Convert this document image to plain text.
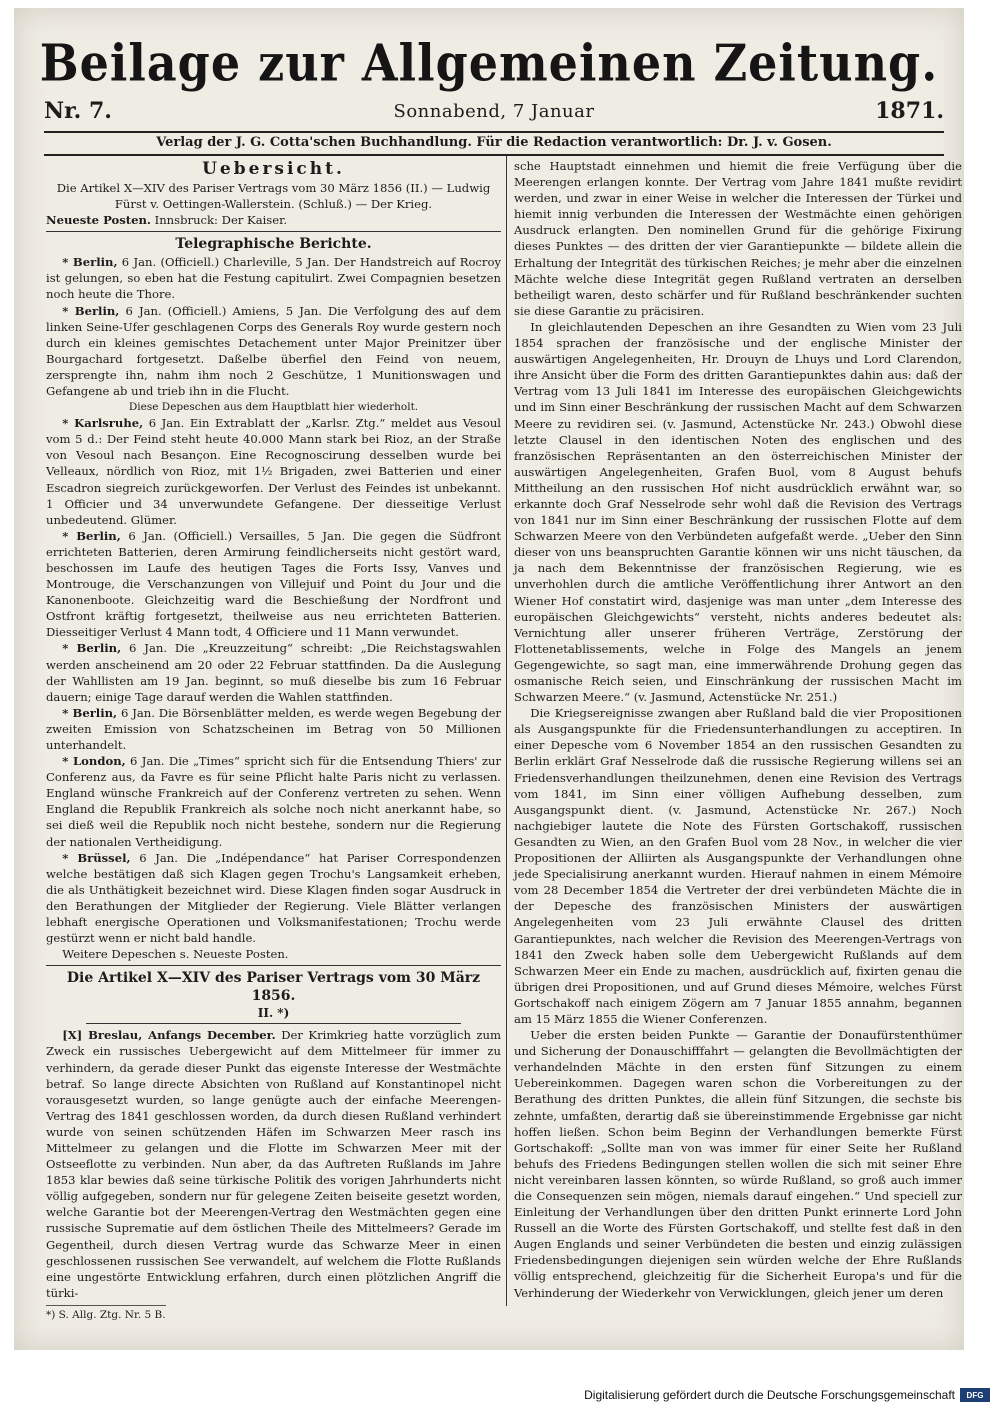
Beilage zur Allgemeinen Zeitung.
Nr. 7.	Sonnabend, 7 Januar	1871.
Verlag der J. G. Cotta'schen Buchhandlung. Für die Redaction verantwortlich: Dr. J. v. Gosen.
Uebersicht.

Die Artikel X—XIV des Pariser Vertrags vom 30 März 1856 (II.) — Ludwig Fürst v. Oettingen-Wallerstein. (Schluß.) — Der Krieg.

Neueste Posten. Innsbruck: Der Kaiser.

Telegraphische Berichte.

* Berlin, 6 Jan. (Officiell.) Charleville, 5 Jan. Der Handstreich auf Rocroy ist gelungen, so eben hat die Festung capitulirt. Zwei Compagnien besetzen noch heute die Thore.

* Berlin, 6 Jan. (Officiell.) Amiens, 5 Jan. Die Verfolgung des auf dem linken Seine-Ufer geschlagenen Corps des Generals Roy wurde gestern noch durch ein kleines gemischtes Detachement unter Major Preinitzer über Bourgachard fortgesetzt. Daßelbe überfiel den Feind von neuem, zersprengte ihn, nahm ihm noch 2 Geschütze, 1 Munitionswagen und Gefangene ab und trieb ihn in die Flucht.

Diese Depeschen aus dem Hauptblatt hier wiederholt.

* Karlsruhe, 6 Jan. Ein Extrablatt der „Karlsr. Ztg.“ meldet aus Vesoul vom 5 d.: Der Feind steht heute 40.000 Mann stark bei Rioz, an der Straße von Vesoul nach Besançon. Eine Recognoscirung desselben wurde bei Velleaux, nördlich von Rioz, mit 1½ Brigaden, zwei Batterien und einer Escadron siegreich zurückgeworfen. Der Verlust des Feindes ist unbekannt. 1 Officier und 34 unverwundete Gefangene. Der diesseitige Verlust unbedeutend. Glümer.

* Berlin, 6 Jan. (Officiell.) Versailles, 5 Jan. Die gegen die Südfront errichteten Batterien, deren Armirung feindlicherseits nicht gestört ward, beschossen im Laufe des heutigen Tages die Forts Issy, Vanves und Montrouge, die Verschanzungen von Villejuif und Point du Jour und die Kanonenboote. Gleichzeitig ward die Beschießung der Nordfront und Ostfront kräftig fortgesetzt, theilweise aus neu errichteten Batterien. Diesseitiger Verlust 4 Mann todt, 4 Officiere und 11 Mann verwundet.

* Berlin, 6 Jan. Die „Kreuzzeitung“ schreibt: „Die Reichstagswahlen werden anscheinend am 20 oder 22 Februar stattfinden. Da die Auslegung der Wahllisten am 19 Jan. beginnt, so muß dieselbe bis zum 16 Februar dauern; einige Tage darauf werden die Wahlen stattfinden.

* Berlin, 6 Jan. Die Börsenblätter melden, es werde wegen Begebung der zweiten Emission von Schatzscheinen im Betrag von 50 Millionen unterhandelt.

* London, 6 Jan. Die „Times“ spricht sich für die Entsendung Thiers' zur Conferenz aus, da Favre es für seine Pflicht halte Paris nicht zu verlassen. England wünsche Frankreich auf der Conferenz vertreten zu sehen. Wenn England die Republik Frankreich als solche noch nicht anerkannt habe, so sei dieß weil die Republik noch nicht bestehe, sondern nur die Regierung der nationalen Vertheidigung.

* Brüssel, 6 Jan. Die „Indépendance“ hat Pariser Correspondenzen welche bestätigen daß sich Klagen gegen Trochu's Langsamkeit erheben, die als Unthätigkeit bezeichnet wird. Diese Klagen finden sogar Ausdruck in den Berathungen der Mitglieder der Regierung. Viele Blätter verlangen lebhaft energische Operationen und Volksmanifestationen; Trochu werde gestürzt wenn er nicht bald handle.

Weitere Depeschen s. Neueste Posten.

Die Artikel X—XIV des Pariser Vertrags vom 30 März 1856.
II. *)

[X] Breslau, Anfangs December. Der Krimkrieg hatte vorzüglich zum Zweck ein russisches Uebergewicht auf dem Mittelmeer für immer zu verhindern, da gerade dieser Punkt das eigenste Interesse der Westmächte betraf. So lange directe Absichten von Rußland auf Konstantinopel nicht vorausgesetzt wurden, so lange genügte auch der einfache Meerengen-Vertrag des 1841 geschlossen worden, da durch diesen Rußland verhindert wurde von seinen schützenden Häfen im Schwarzen Meer rasch ins Mittelmeer zu gelangen und die Flotte im Schwarzen Meer mit der Ostseeflotte zu verbinden. Nun aber, da das Auftreten Rußlands im Jahre 1853 klar bewies daß seine türkische Politik des vorigen Jahrhunderts nicht völlig aufgegeben, sondern nur für gelegene Zeiten beiseite gesetzt worden, welche Garantie bot der Meerengen-Vertrag den Westmächten gegen eine russische Suprematie auf dem östlichen Theile des Mittelmeers? Gerade im Gegentheil, durch diesen Vertrag wurde das Schwarze Meer in einen geschlossenen russischen See verwandelt, auf welchem die Flotte Rußlands eine ungestörte Entwicklung erfahren, durch einen plötzlichen Angriff die türki-

*) S. Allg. Ztg. Nr. 5 B.

sche Hauptstadt einnehmen und hiemit die freie Verfügung über die Meerengen erlangen konnte. Der Vertrag vom Jahre 1841 mußte revidirt werden, und zwar in einer Weise in welcher die Interessen der Türkei und hiemit innig verbunden die Interessen der Westmächte einen gehörigen Ausdruck erlangten. Den nominellen Grund für die gehörige Fixirung dieses Punktes — des dritten der vier Garantiepunkte — bildete allein die Erhaltung der Integrität des türkischen Reiches; je mehr aber die einzelnen Mächte welche diese Integrität gegen Rußland vertraten an derselben betheiligt waren, desto schärfer und für Rußland beschränkender suchten sie diese Garantie zu präcisiren.

In gleichlautenden Depeschen an ihre Gesandten zu Wien vom 23 Juli 1854 sprachen der französische und der englische Minister der auswärtigen Angelegenheiten, Hr. Drouyn de Lhuys und Lord Clarendon, ihre Ansicht über die Form des dritten Garantiepunktes dahin aus: daß der Vertrag vom 13 Juli 1841 im Interesse des europäischen Gleichgewichts und im Sinn einer Beschränkung der russischen Macht auf dem Schwarzen Meere zu revidiren sei. (v. Jasmund, Actenstücke Nr. 243.) Obwohl diese letzte Clausel in den identischen Noten des englischen und des französischen Repräsentanten an den österreichischen Minister der auswärtigen Angelegenheiten, Grafen Buol, vom 8 August behufs Mittheilung an den russischen Hof nicht ausdrücklich erwähnt war, so erkannte doch Graf Nesselrode sehr wohl daß die Revision des Vertrags von 1841 nur im Sinn einer Beschränkung der russischen Flotte auf dem Schwarzen Meere von den Verbündeten aufgefaßt werde. „Ueber den Sinn dieser von uns beanspruchten Garantie können wir uns nicht täuschen, da ja nach dem Bekenntnisse der französischen Regierung, wie es unverhohlen durch die amtliche Veröffentlichung ihrer Antwort an den Wiener Hof constatirt wird, dasjenige was man unter „dem Interesse des europäischen Gleichgewichts“ versteht, nichts anderes bedeutet als: Vernichtung aller unserer früheren Verträge, Zerstörung der Flottenetablissements, welche in Folge des Mangels an jenem Gegengewichte, so sagt man, eine immerwährende Drohung gegen das osmanische Reich seien, und Einschränkung der russischen Macht im Schwarzen Meere.“ (v. Jasmund, Actenstücke Nr. 251.)

Die Kriegsereignisse zwangen aber Rußland bald die vier Propositionen als Ausgangspunkte für die Friedensunterhandlungen zu acceptiren. In einer Depesche vom 6 November 1854 an den russischen Gesandten zu Berlin erklärt Graf Nesselrode daß die russische Regierung willens sei an Friedensverhandlungen theilzunehmen, denen eine Revision des Vertrags vom 1841, im Sinn einer völligen Aufhebung desselben, zum Ausgangspunkt dient. (v. Jasmund, Actenstücke Nr. 267.) Noch nachgiebiger lautete die Note des Fürsten Gortschakoff, russischen Gesandten zu Wien, an den Grafen Buol vom 28 Nov., in welcher die vier Propositionen der Alliirten als Ausgangspunkte der Verhandlungen ohne jede Specialisirung anerkannt wurden. Hierauf nahmen in einem Mémoire vom 28 December 1854 die Vertreter der drei verbündeten Mächte die in der Depesche des französischen Ministers der auswärtigen Angelegenheiten vom 23 Juli erwähnte Clausel des dritten Garantiepunktes, nach welcher die Revision des Meerengen-Vertrags von 1841 den Zweck haben solle dem Uebergewicht Rußlands auf dem Schwarzen Meer ein Ende zu machen, ausdrücklich auf, fixirten genau die übrigen drei Propositionen, und auf Grund dieses Mémoire, welches Fürst Gortschakoff nach einigem Zögern am 7 Januar 1855 annahm, begannen am 15 März 1855 die Wiener Conferenzen.

Ueber die ersten beiden Punkte — Garantie der Donaufürstenthümer und Sicherung der Donauschifffahrt — gelangten die Bevollmächtigten der verhandelnden Mächte in den ersten fünf Sitzungen zu einem Uebereinkommen. Dagegen waren schon die Vorbereitungen zu der Berathung des dritten Punktes, die allein fünf Sitzungen, die sechste bis zehnte, umfaßten, derartig daß sie übereinstimmende Ergebnisse gar nicht hoffen ließen. Schon beim Beginn der Verhandlungen bemerkte Fürst Gortschakoff: „Sollte man von was immer für einer Seite her Rußland behufs des Friedens Bedingungen stellen wollen die sich mit seiner Ehre nicht vereinbaren lassen könnten, so würde Rußland, so groß auch immer die Consequenzen sein mögen, niemals darauf eingehen.“ Und speciell zur Einleitung der Verhandlungen über den dritten Punkt erinnerte Lord John Russell an die Worte des Fürsten Gortschakoff, und stellte fest daß in den Augen Englands und seiner Verbündeten die besten und einzig zulässigen Friedensbedingungen diejenigen sein würden welche der Ehre Rußlands völlig entsprechend, gleichzeitig für die Sicherheit Europa's und für die Verhinderung der Wiederkehr von Verwicklungen, gleich jener um deren

Digitalisierung gefördert durch die Deutsche Forschungsgemeinschaft	DFG
